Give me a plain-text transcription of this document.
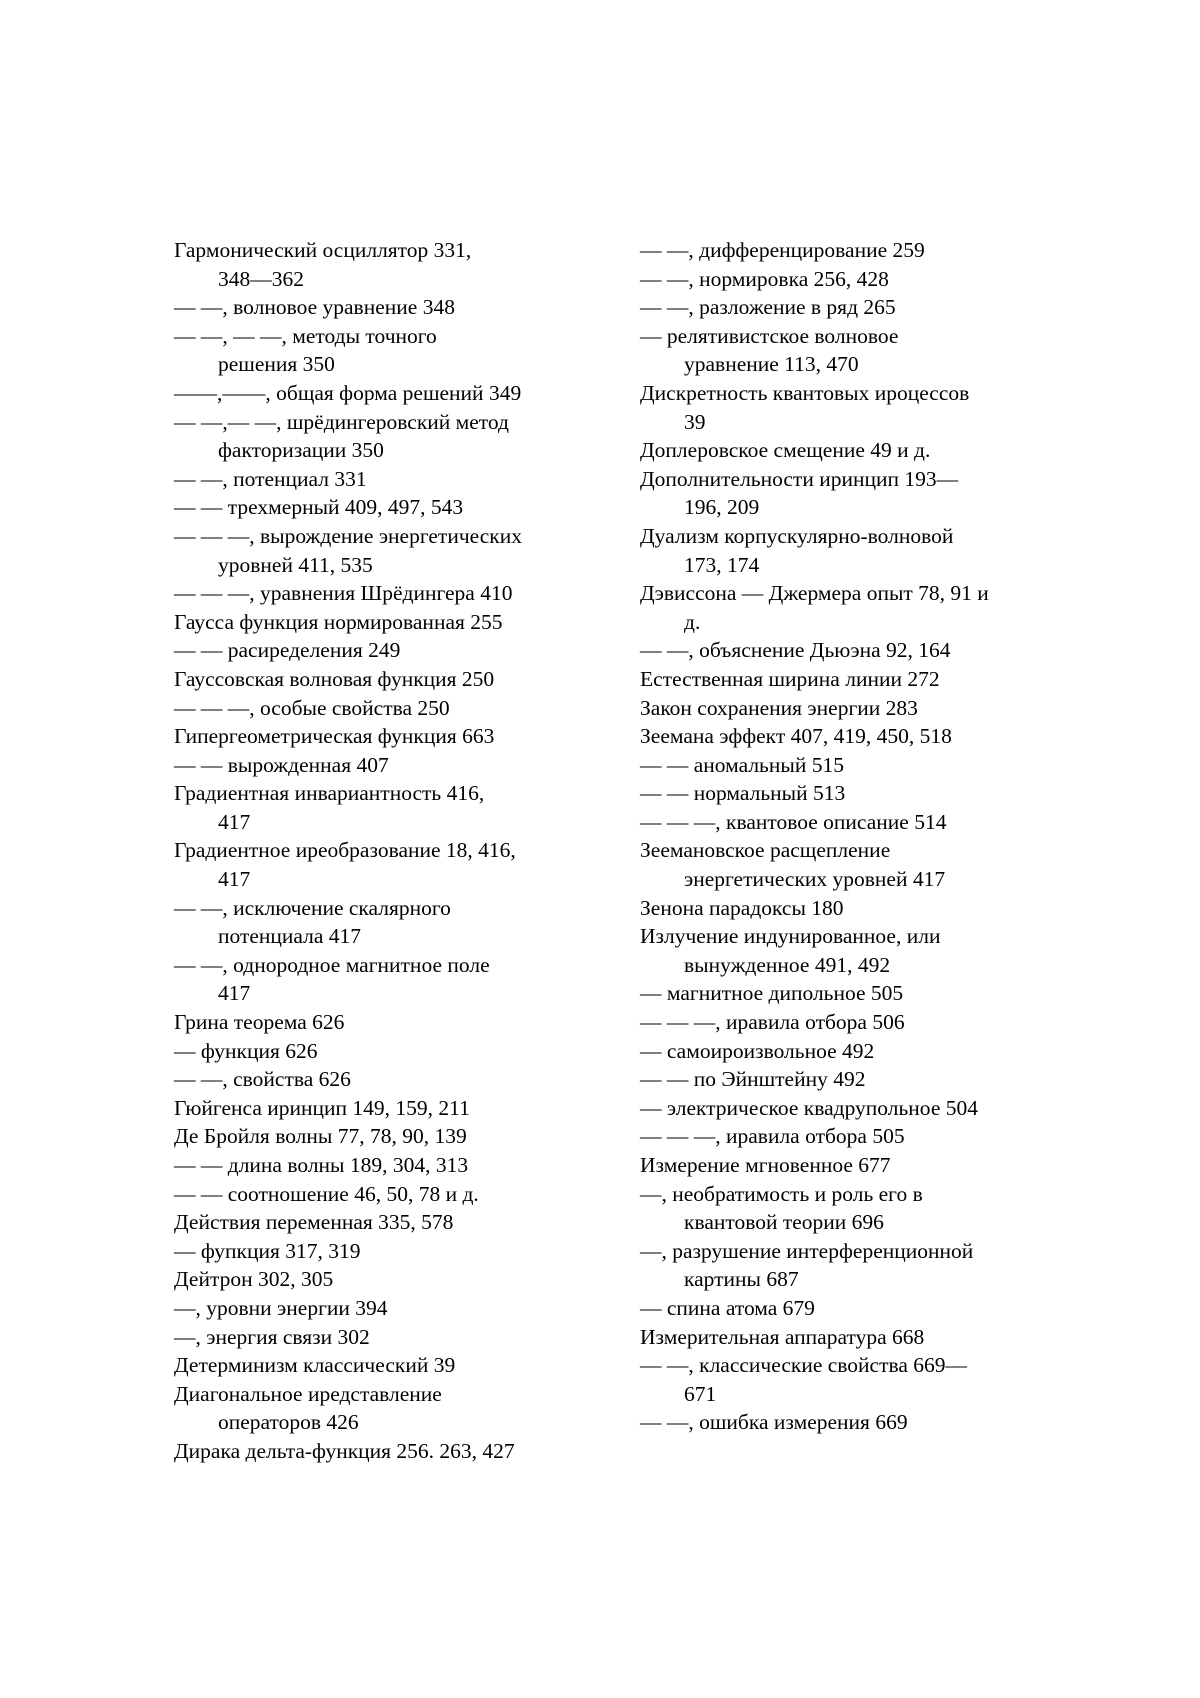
Гармонический осциллятор 331,
348—362
— —, волновое уравнение 348
— —, — —, методы точного
решения 350
——,——, общая форма решений 349
— —,— —, шрёдингеровский метод
факторизации 350
— —, потенциал 331
— — трехмерный 409, 497, 543
— — —, вырождение энергетических
уровней 411, 535
— — —, уравнения Шрёдингера 410
Гаусса функция нормированная 255
— — расиределения 249
Гауссовская волновая функция 250
— — —, особые свойства 250
Гипергеометрическая функция 663
— — вырожденная 407
Градиентная инвариантность 416,
417
Градиентное иреобразование 18, 416,
417
— —, исключение скалярного
потенциала 417
— —, однородное магнитное поле
417
Грина теорема 626
— функция 626
— —, свойства 626
Гюйгенса иринцип 149, 159, 211
Де Бройля волны 77, 78, 90, 139
— — длина волны 189, 304, 313
— — соотношение 46, 50, 78 и д.
Действия переменная 335, 578
— фупкция 317, 319
Дейтрон 302, 305
—, уровни энергии 394
—, энергия связи 302
Детерминизм классический 39
Диагональное иредставление
операторов 426
Дирака дельта-функция 256. 263, 427
— —, дифференцирование 259
— —, нормировка 256, 428
— —, разложение в ряд 265
— релятивистское волновое
уравнение 113, 470
Дискретность квантовых ироцессов
39
Доплеровское смещение 49 и д.
Дополнительности иринцип 193—
196, 209
Дуализм корпускулярно-волновой
173, 174
Дэвиссона — Джермера опыт 78, 91 и
д.
— —, объяснение Дьюэна 92, 164
Естественная ширина линии 272
Закон сохранения энергии 283
Зеемана эффект 407, 419, 450, 518
— — аномальный 515
— — нормальный 513
— — —, квантовое описание 514
Зеемановское расщепление
энергетических уровней 417
Зенона парадоксы 180
Излучение индунированное, или
вынужденное 491, 492
— магнитное дипольное 505
— — —, иравила отбора 506
— самоироизвольное 492
— — по Эйнштейну 492
— электрическое квадрупольное 504
— — —, иравила отбора 505
Измерение мгновенное 677
—, необратимость и роль его в
квантовой теории 696
—, разрушение интерференционной
картины 687
— спина атома 679
Измерительная аппаратура 668
— —, классические свойства 669—
671
— —, ошибка измерения 669
